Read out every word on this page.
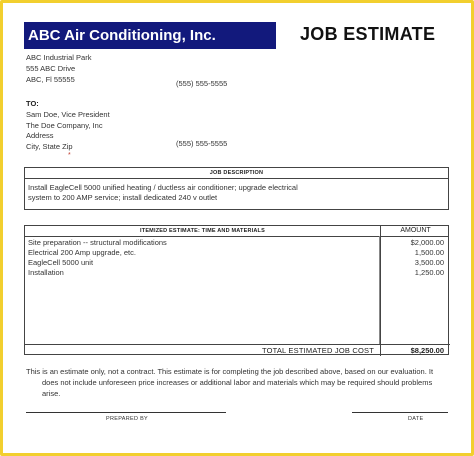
ABC Air Conditioning, Inc.	JOB ESTIMATE
ABC Industrial Park
555 ABC Drive
ABC, Fl 55555	(555) 555-5555
TO:
Sam Doe, Vice President
The Doe Company, Inc
Address
City, State Zip	(555) 555-5555
*
JOB DESCRIPTION
Install EagleCell 5000 unified heating / ductless air conditioner; upgrade electrical
system to 200 AMP service; install dedicated 240 v outlet
ITEMIZED ESTIMATE: TIME AND MATERIALS	AMOUNT
Site preparation -- structural modifications	$2,000.00
Electrical 200 Amp upgrade, etc.	1,500.00
EagleCell 5000 unit	3,500.00
Installation	1,250.00
TOTAL ESTIMATED JOB COST	$8,250.00
This is an estimate only, not a contract. This estimate is for completing the job described above, based on our evaluation. It
does not include unforeseen price increases or additional labor and materials which may be required should problems arise.
PREPARED BY	DATE
